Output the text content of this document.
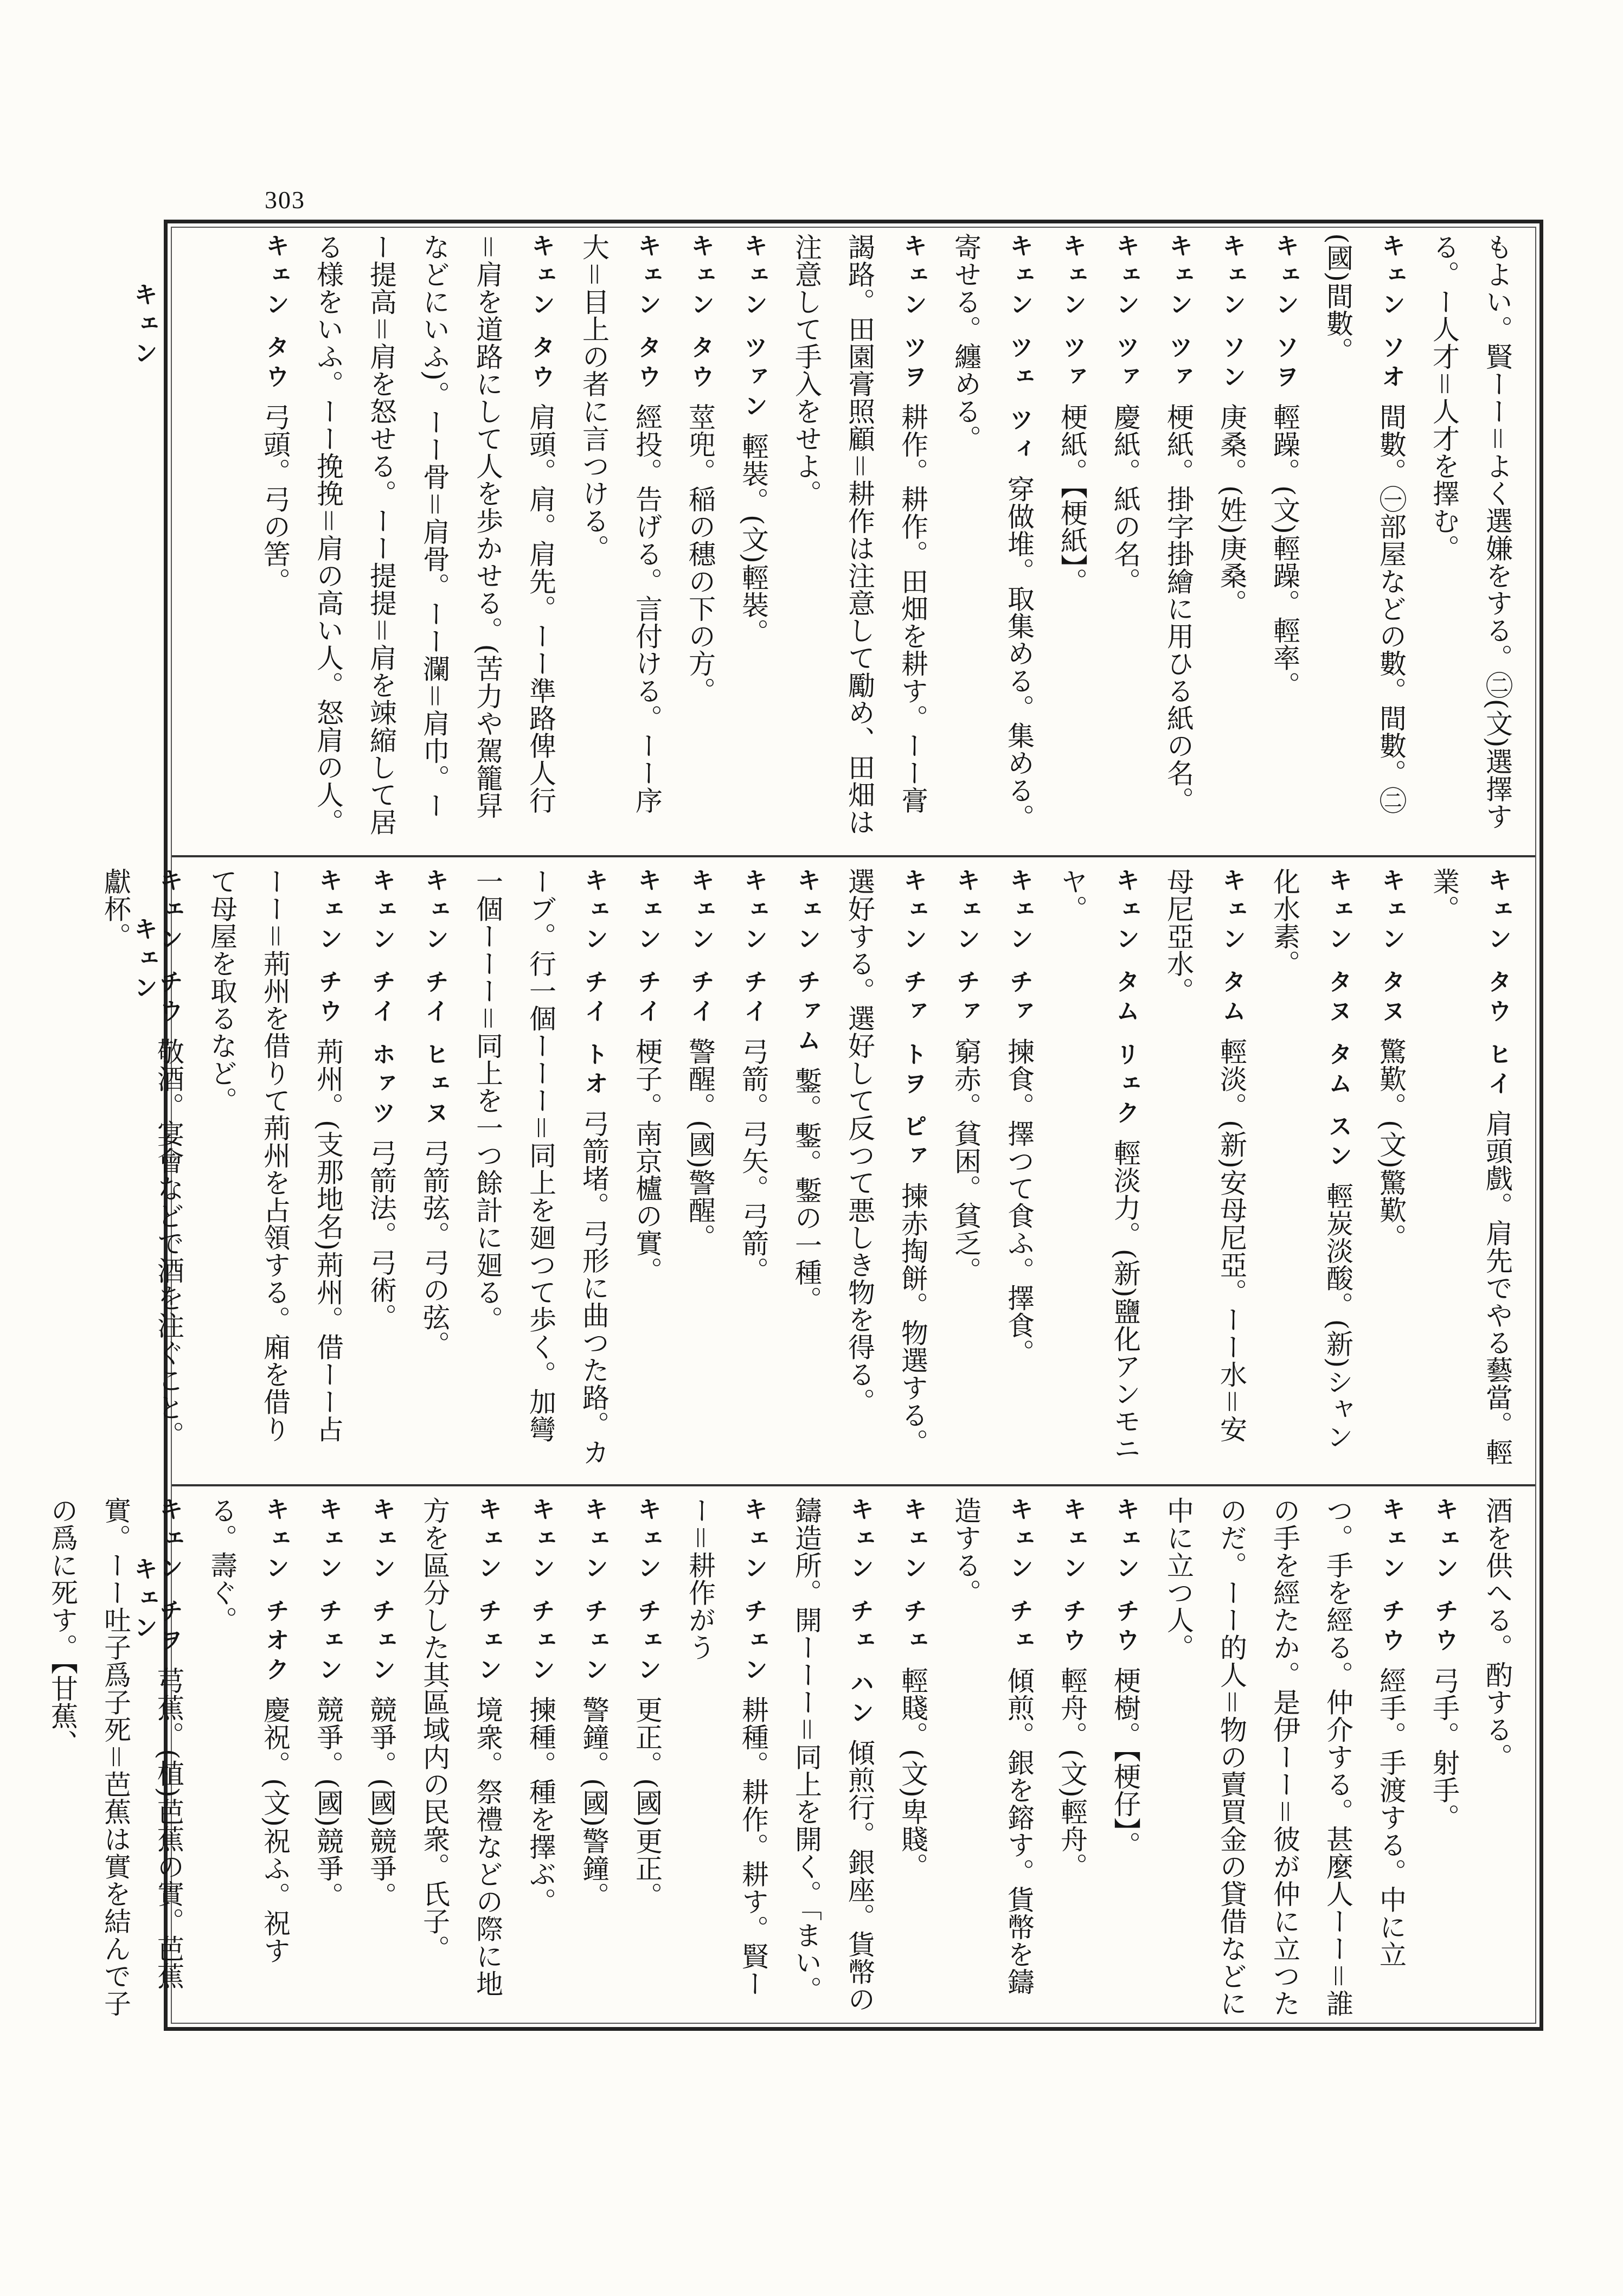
303
キェン
キェン
キェン
もよい。賢ーー＝よく選嫌をする。㊁(文)選擇する。ー人才＝人才を擇む。
キェン ソオ間數。㊀部屋などの數。間數。㊁(國)間數。
キェン ソヲ輕躁。(文)輕躁。輕率。
キェン ソン庚桑。(姓)庚桑。
キェン ツァ梗紙。掛字掛繪に用ひる紙の名。
キェン ツァ慶紙。紙の名。
キェン ツァ梗紙。【梗紙】。
キェン ツェ ツィ穿做堆。取集める。集める。寄せる。纏める。
キェン ツヲ耕作。耕作。田畑を耕す。ーー膏謁路。田園膏照顧＝耕作は注意して勵め、田畑は注意して手入をせよ。
キェン ツァン輕裝。(文)輕裝。
キェン タウ莖兜。稲の穗の下の方。
キェン タウ經投。告げる。言付ける。ーー序大＝目上の者に言つける。
キェン タウ肩頭。肩。肩先。ーー準路俾人行＝肩を道路にして人を歩かせる。(苦力や駕籠舁などにいふ)。ーー骨＝肩骨。ーー瀾＝肩巾。ーー提高＝肩を怒せる。ーー提提＝肩を竦縮して居る様をいふ。ーー挽挽＝肩の高い人。怒肩の人。
キェン タウ弓頭。弓の筈。
キェン タウ ヒイ肩頭戲。肩先でやる藝當。輕業。
キェン タヌ驚歎。(文)驚歎。
キェン タヌ タム スン輕炭淡酸。(新)シャン化水素。
キェン タム輕淡。(新)安母尼亞。ーー水＝安母尼亞水。
キェン タム リェク輕淡力。(新)鹽化アンモニヤ。
キェン チァ揀食。擇つて食ふ。擇食。
キェン チァ窮赤。貧困。貧乏。
キェン チァ トヲ ピァ揀赤掏餅。物選する。選好する。選好して反つて悪しき物を得る。
キェン チァム鏨。鏨。鏨の一種。
キェン チイ弓箭。弓矢。弓箭。
キェン チイ警醒。(國)警醒。
キェン チイ梗子。南京櫨の實。
キェン チイ トオ弓箭堵。弓形に曲つた路。カーブ。行一個ーーー＝同上を廻つて歩く。加彎一個ーーー＝同上を一つ餘計に廻る。
キェン チイ ヒェヌ弓箭弦。弓の弦。
キェン チイ ホァツ弓箭法。弓術。
キェン チウ荊州。(支那地名)荊州。借ーー占ーー＝荊州を借りて荊州を占領する。廂を借りて母屋を取るなど。
キェン チウ敬酒。宴會などで酒を注ぐこと。獻杯。
酒を供へる。酌する。
キェン チウ弓手。射手。
キェン チウ經手。手渡する。中に立つ。手を經る。仲介する。甚麼人ーー＝誰の手を經たか。是伊ーー＝彼が仲に立つたのだ。ーー的人＝物の賣買金の貸借などに中に立つ人。
キェン チウ梗樹。【梗仔】。
キェン チウ輕舟。(文)輕舟。
キェン チェ傾煎。銀を鎔す。貨幣を鑄造する。
キェン チェ輕賤。(文)卑賤。
キェン チェ ハン傾煎行。銀座。貨幣の鑄造所。開ーーー＝同上を開く。「まい。
キェン チェン耕種。耕作。耕す。賢ーー＝耕作がう
キェン チェン更正。(國)更正。
キェン チェン警鐘。(國)警鐘。
キェン チェン揀種。種を擇ぶ。
キェン チェン境衆。祭禮などの際に地方を區分した其區域内の民衆。氏子。
キェン チェン競爭。(國)競爭。
キェン チェン競爭。(國)競爭。
キェン チオク慶祝。(文)祝ふ。祝する。壽ぐ。
キェン チヲ芎蕉。(植)芭蕉の實。芭蕉實。ーー吐子爲子死＝芭蕉は實を結んで子の爲に死す。【甘蕉、
